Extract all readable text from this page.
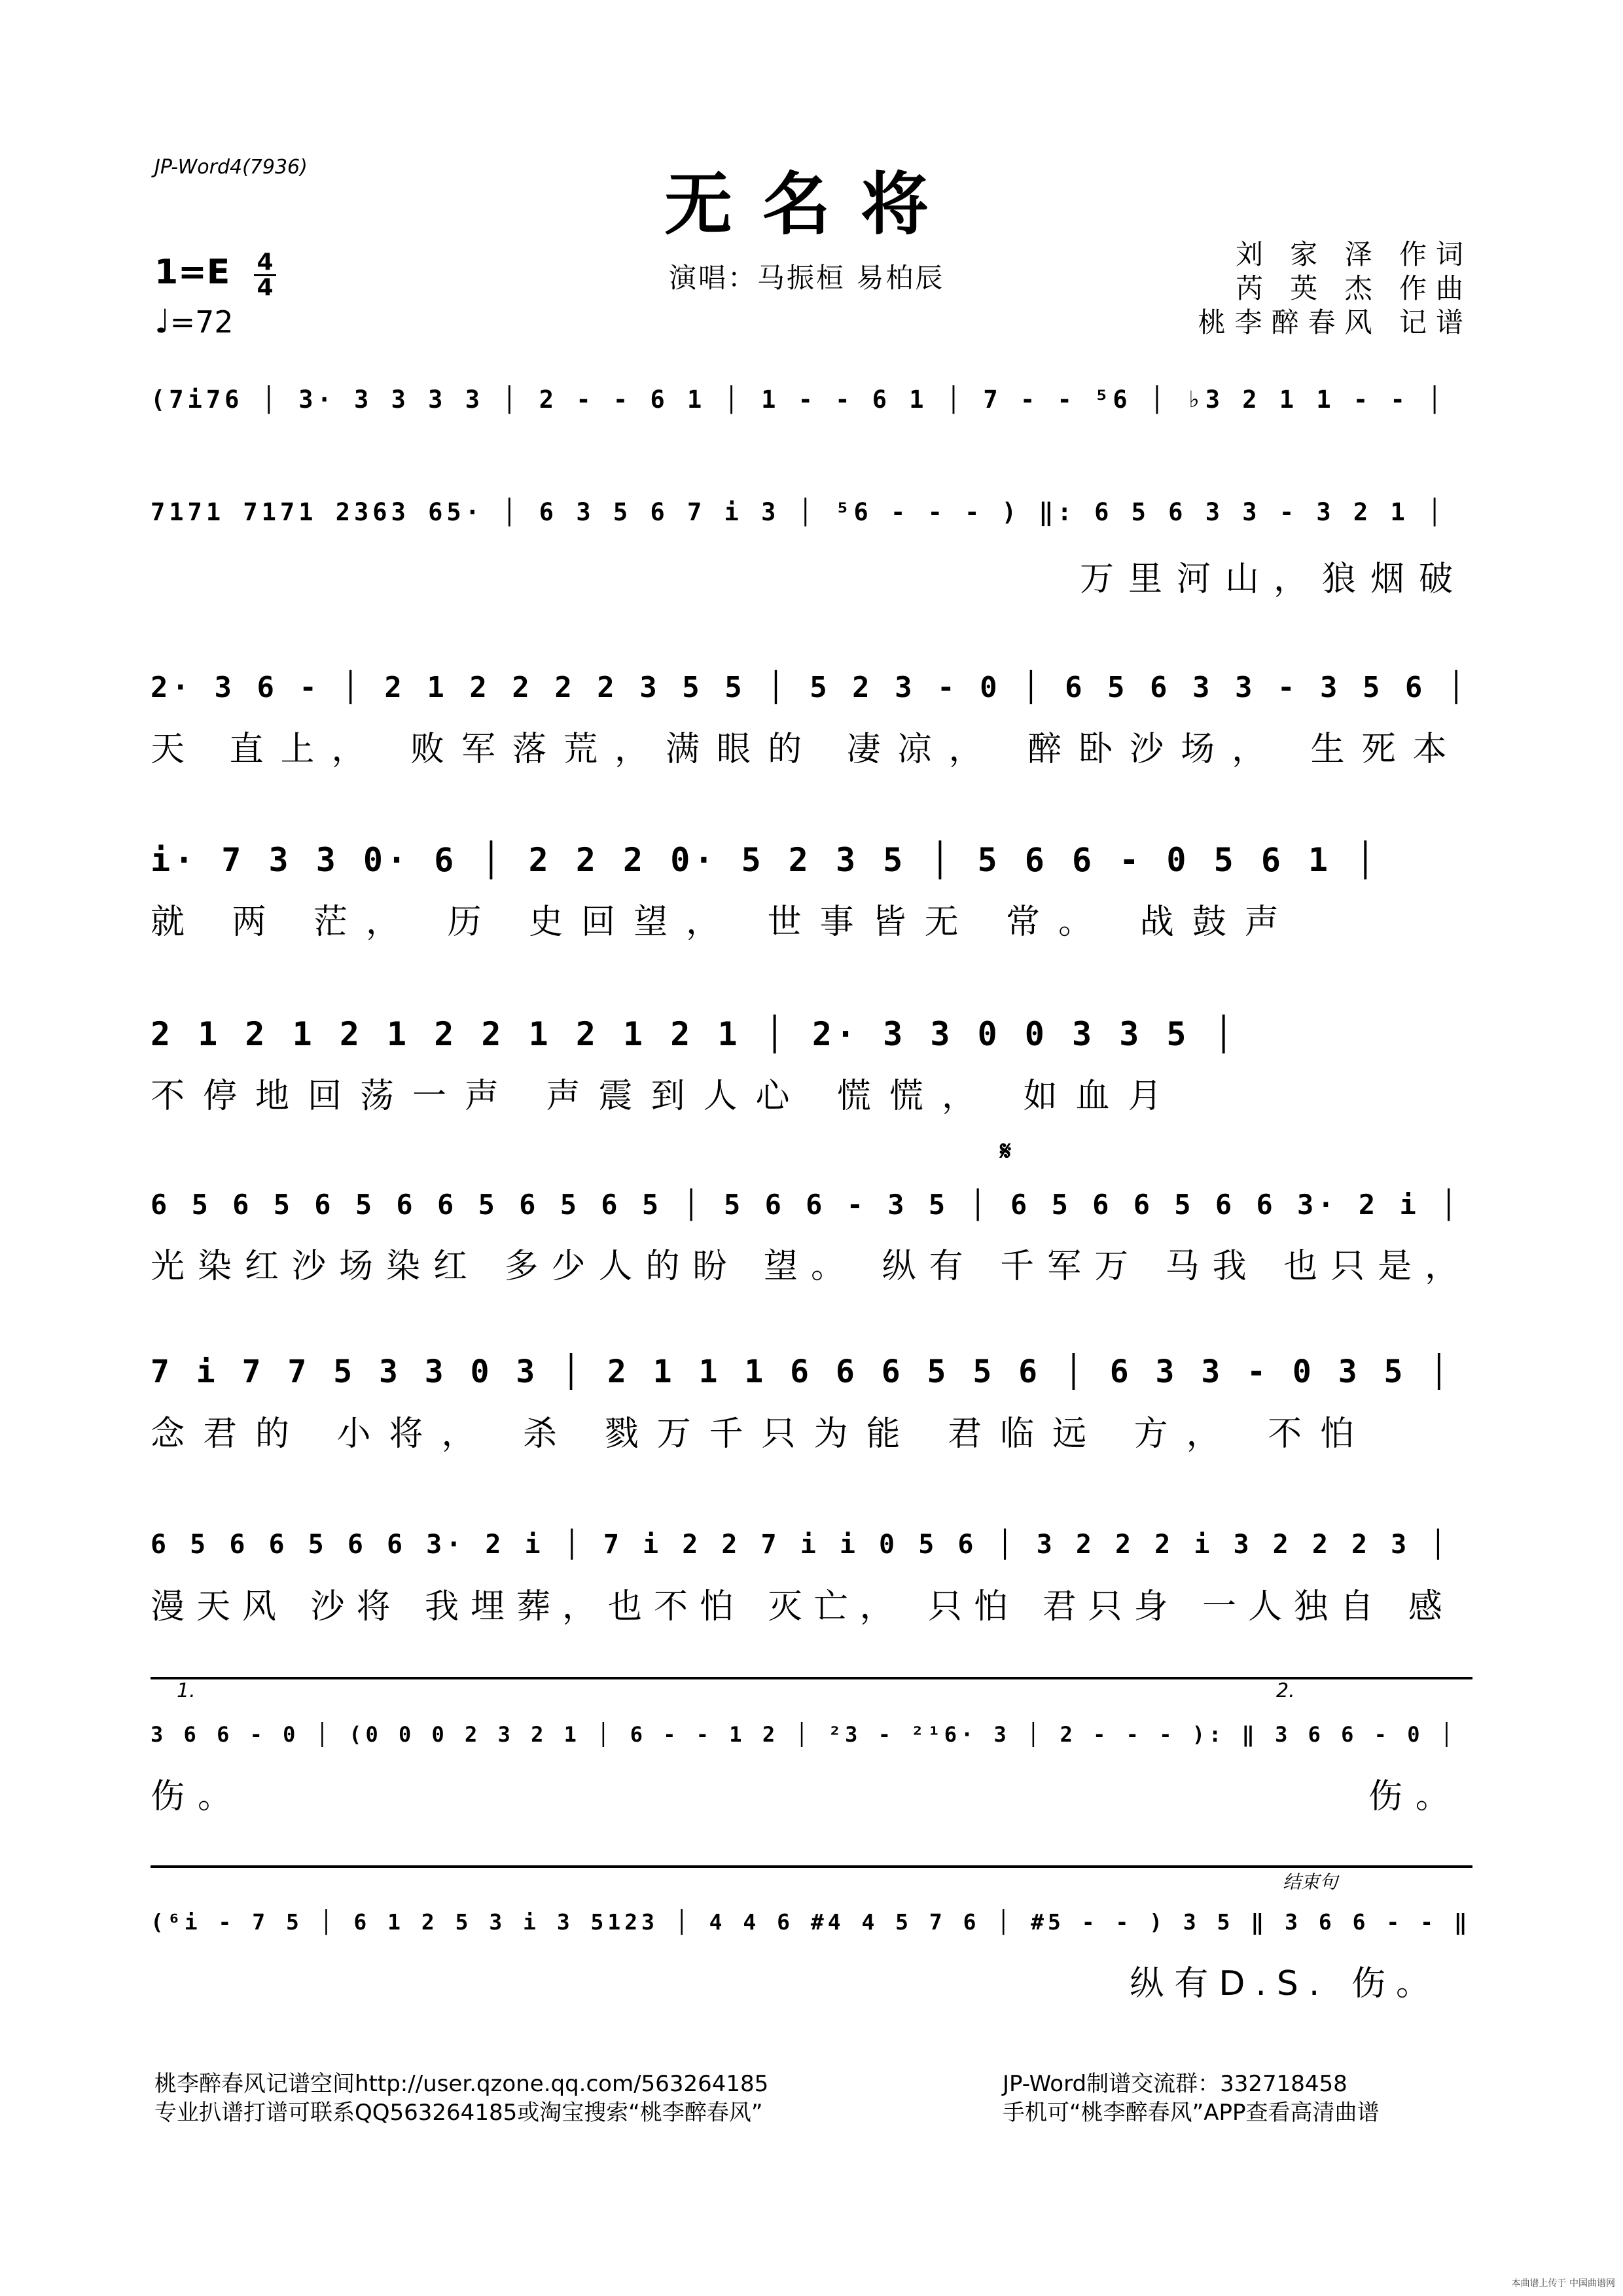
JP-Word4(7936)	无名将
演唱：马振桓 易柏辰
刘 家 泽 作词
芮 英 杰 作曲
桃李醉春风 记谱
1=E 4
4
♩=72
(7i76 │ 3· 3 3 3 3 │ 2 - - 6 1 │ 1 - - 6 1 │ 7 - - ⁵6 │ ♭3 2 1 1 - - │
7171 7171 2363 65· │ 6 3 5 6 7 i 3 │ ⁵6 - - - ) ‖: 6 5 6 3 3 - 3 2 1 │
万里河山，狼烟破
2· 3 6 - │ 2 1 2 2 2 2 3 5 5 │ 5 2 3 - 0 │ 6 5 6 3 3 - 3 5 6 │
天 直上， 败军落荒，满眼的 凄凉， 醉卧沙场， 生死本
i· 7 3 3 0· 6 │ 2 2 2 0· 5 2 3 5 │ 5 6 6 - 0 5 6 1 │
就 两 茫， 历 史回望， 世事皆无 常。 战鼓声
2 1 2 1 2 1 2 2 1 2 1 2 1 │ 2· 3 3 0 0 3 3 5 │
不停地回荡一声 声震到人心 慌慌， 如血月
𝄋
6 5 6 5 6 5 6 6 5 6 5 6 5 │ 5 6 6 - 3 5 │ 6 5 6 6 5 6 6 3· 2 i │
光染红沙场染红 多少人的盼 望。 纵有 千军万 马我 也只是，
7 i 7 7 5 3 3 0 3 │ 2 1 1 1 6 6 6 5 5 6 │ 6 3 3 - 0 3 5 │
念君的 小将， 杀 戮万千只为能 君临远 方， 不怕
6 5 6 6 5 6 6 3· 2 i │ 7 i 2 2 7 i i 0 5 6 │ 3 2 2 2 i 3 2 2 2 3 │
漫天风 沙将 我埋葬，也不怕 灭亡， 只怕 君只身 一人独自 感
1.	2.
3 6 6 - 0 │ (0 0 0 2 3 2 1 │ 6 - - 1 2 │ ²3 - ²¹6· 3 │ 2 - - - ): ‖ 3 6 6 - 0 │
伤。                                               伤。
结束句
(⁶i - 7 5 │ 6 1 2 5 3 i 3 5123 │ 4 4 6 #4 4 5 7 6 │ #5 - - ) 3 5 ‖ 3 6 6 - - ‖
纵有D.S. 伤。
桃李醉春风记谱空间http://user.qzone.qq.com/563264185
专业扒谱打谱可联系QQ563264185或淘宝搜索“桃李醉春风”
JP-Word制谱交流群：332718458
手机可“桃李醉春风”APP查看高清曲谱
本曲谱上传于 中国曲谱网
